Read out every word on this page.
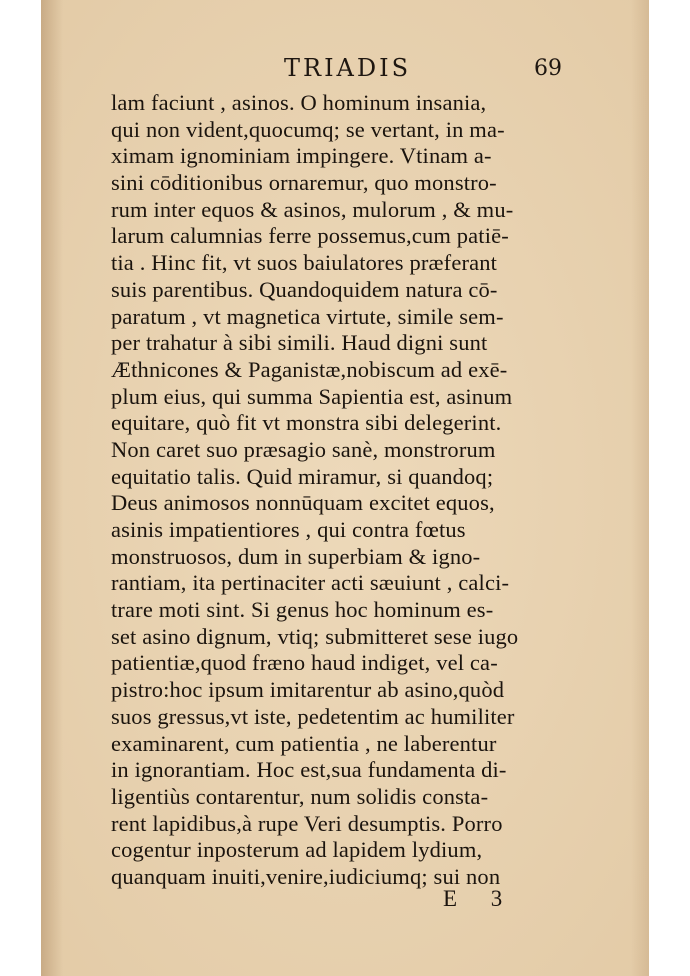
TRIADIS	69
lam faciunt , asinos. O hominum insania,
qui non vident,quocumq; se vertant, in ma-
ximam ignominiam impingere. Vtinam a-
sini cōditionibus ornaremur, quo monstro-
rum inter equos & asinos, mulorum , & mu-
larum calumnias ferre possemus,cum patiē-
tia . Hinc fit, vt suos baiulatores præferant
suis parentibus. Quandoquidem natura cō-
paratum , vt magnetica virtute, simile sem-
per trahatur à sibi simili. Haud digni sunt
Æthnicones & Paganistæ,nobiscum ad exē-
plum eius, qui summa Sapientia est, asinum
equitare, quò fit vt monstra sibi delegerint.
Non caret suo præsagio sanè, monstrorum
equitatio talis. Quid miramur, si quandoq;
Deus animosos nonnūquam excitet equos,
asinis impatientiores , qui contra fœtus
monstruosos, dum in superbiam & igno-
rantiam, ita pertinaciter acti sæuiunt , calci-
trare moti sint. Si genus hoc hominum es-
set asino dignum, vtiq; submitteret sese iugo
patientiæ,quod fræno haud indiget, vel ca-
pistro:hoc ipsum imitarentur ab asino,quòd
suos gressus,vt iste, pedetentim ac humiliter
examinarent, cum patientia , ne laberentur
in ignorantiam. Hoc est,sua fundamenta di-
ligentiùs contarentur, num solidis consta-
rent lapidibus,à rupe Veri desumptis. Porro
cogentur inposterum ad lapidem lydium,
quanquam inuiti,venire,iudiciumq; sui non
E 3
